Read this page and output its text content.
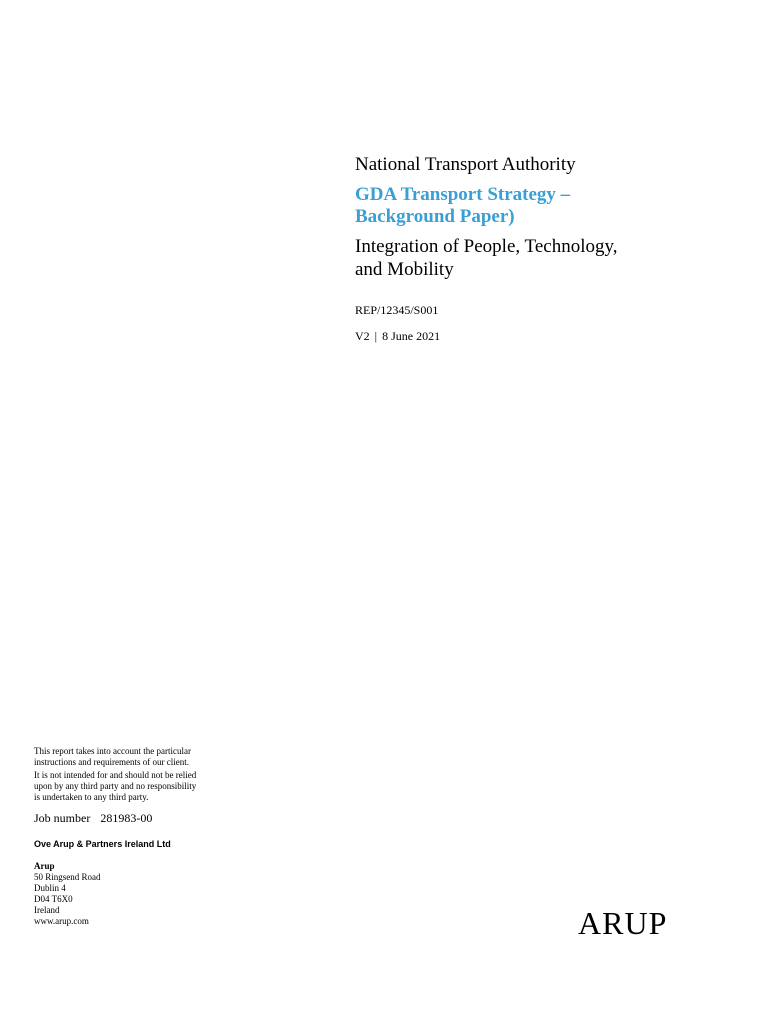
National Transport Authority

GDA Transport Strategy –
Background Paper)

Integration of People, Technology,
and Mobility

REP/12345/S001

V2 | 8 June 2021

This report takes into account the particular
instructions and requirements of our client.

It is not intended for and should not be relied
upon by any third party and no responsibility
is undertaken to any third party.

Job number 281983-00

Ove Arup & Partners Ireland Ltd

Arup

50 Ringsend Road

Dublin 4

D04 T6X0

Ireland

www.arup.com	ARUP
